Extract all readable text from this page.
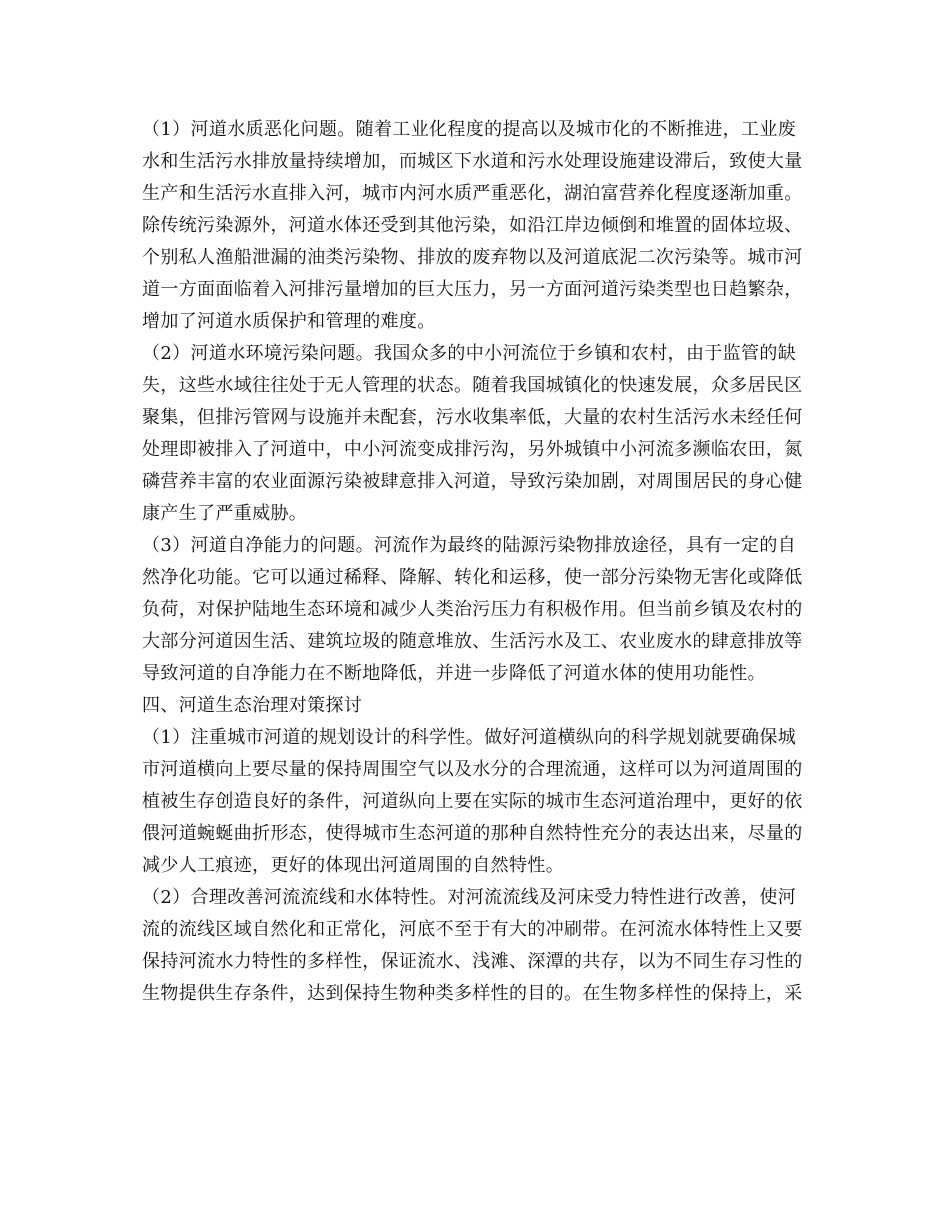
（1）河道水质恶化问题。随着工业化程度的提高以及城市化的不断推进，工业废
水和生活污水排放量持续增加，而城区下水道和污水处理设施建设滞后，致使大量
生产和生活污水直排入河，城市内河水质严重恶化，湖泊富营养化程度逐渐加重。
除传统污染源外，河道水体还受到其他污染，如沿江岸边倾倒和堆置的固体垃圾、
个别私人渔船泄漏的油类污染物、排放的废弃物以及河道底泥二次污染等。城市河
道一方面面临着入河排污量增加的巨大压力，另一方面河道污染类型也日趋繁杂，
增加了河道水质保护和管理的难度。
（2）河道水环境污染问题。我国众多的中小河流位于乡镇和农村，由于监管的缺
失，这些水域往往处于无人管理的状态。随着我国城镇化的快速发展，众多居民区
聚集，但排污管网与设施并未配套，污水收集率低，大量的农村生活污水未经任何
处理即被排入了河道中，中小河流变成排污沟，另外城镇中小河流多濒临农田，氮
磷营养丰富的农业面源污染被肆意排入河道，导致污染加剧，对周围居民的身心健
康产生了严重威胁。
（3）河道自净能力的问题。河流作为最终的陆源污染物排放途径，具有一定的自
然净化功能。它可以通过稀释、降解、转化和运移，使一部分污染物无害化或降低
负荷，对保护陆地生态环境和减少人类治污压力有积极作用。但当前乡镇及农村的
大部分河道因生活、建筑垃圾的随意堆放、生活污水及工、农业废水的肆意排放等
导致河道的自净能力在不断地降低，并进一步降低了河道水体的使用功能性。
四、河道生态治理对策探讨
（1）注重城市河道的规划设计的科学性。做好河道横纵向的科学规划就要确保城
市河道横向上要尽量的保持周围空气以及水分的合理流通，这样可以为河道周围的
植被生存创造良好的条件，河道纵向上要在实际的城市生态河道治理中，更好的依
偎河道蜿蜒曲折形态，使得城市生态河道的那种自然特性充分的表达出来，尽量的
减少人工痕迹，更好的体现出河道周围的自然特性。
（2）合理改善河流流线和水体特性。对河流流线及河床受力特性进行改善，使河
流的流线区域自然化和正常化，河底不至于有大的冲刷带。在河流水体特性上又要
保持河流水力特性的多样性，保证流水、浅滩、深潭的共存，以为不同生存习性的
生物提供生存条件，达到保持生物种类多样性的目的。在生物多样性的保持上，采
